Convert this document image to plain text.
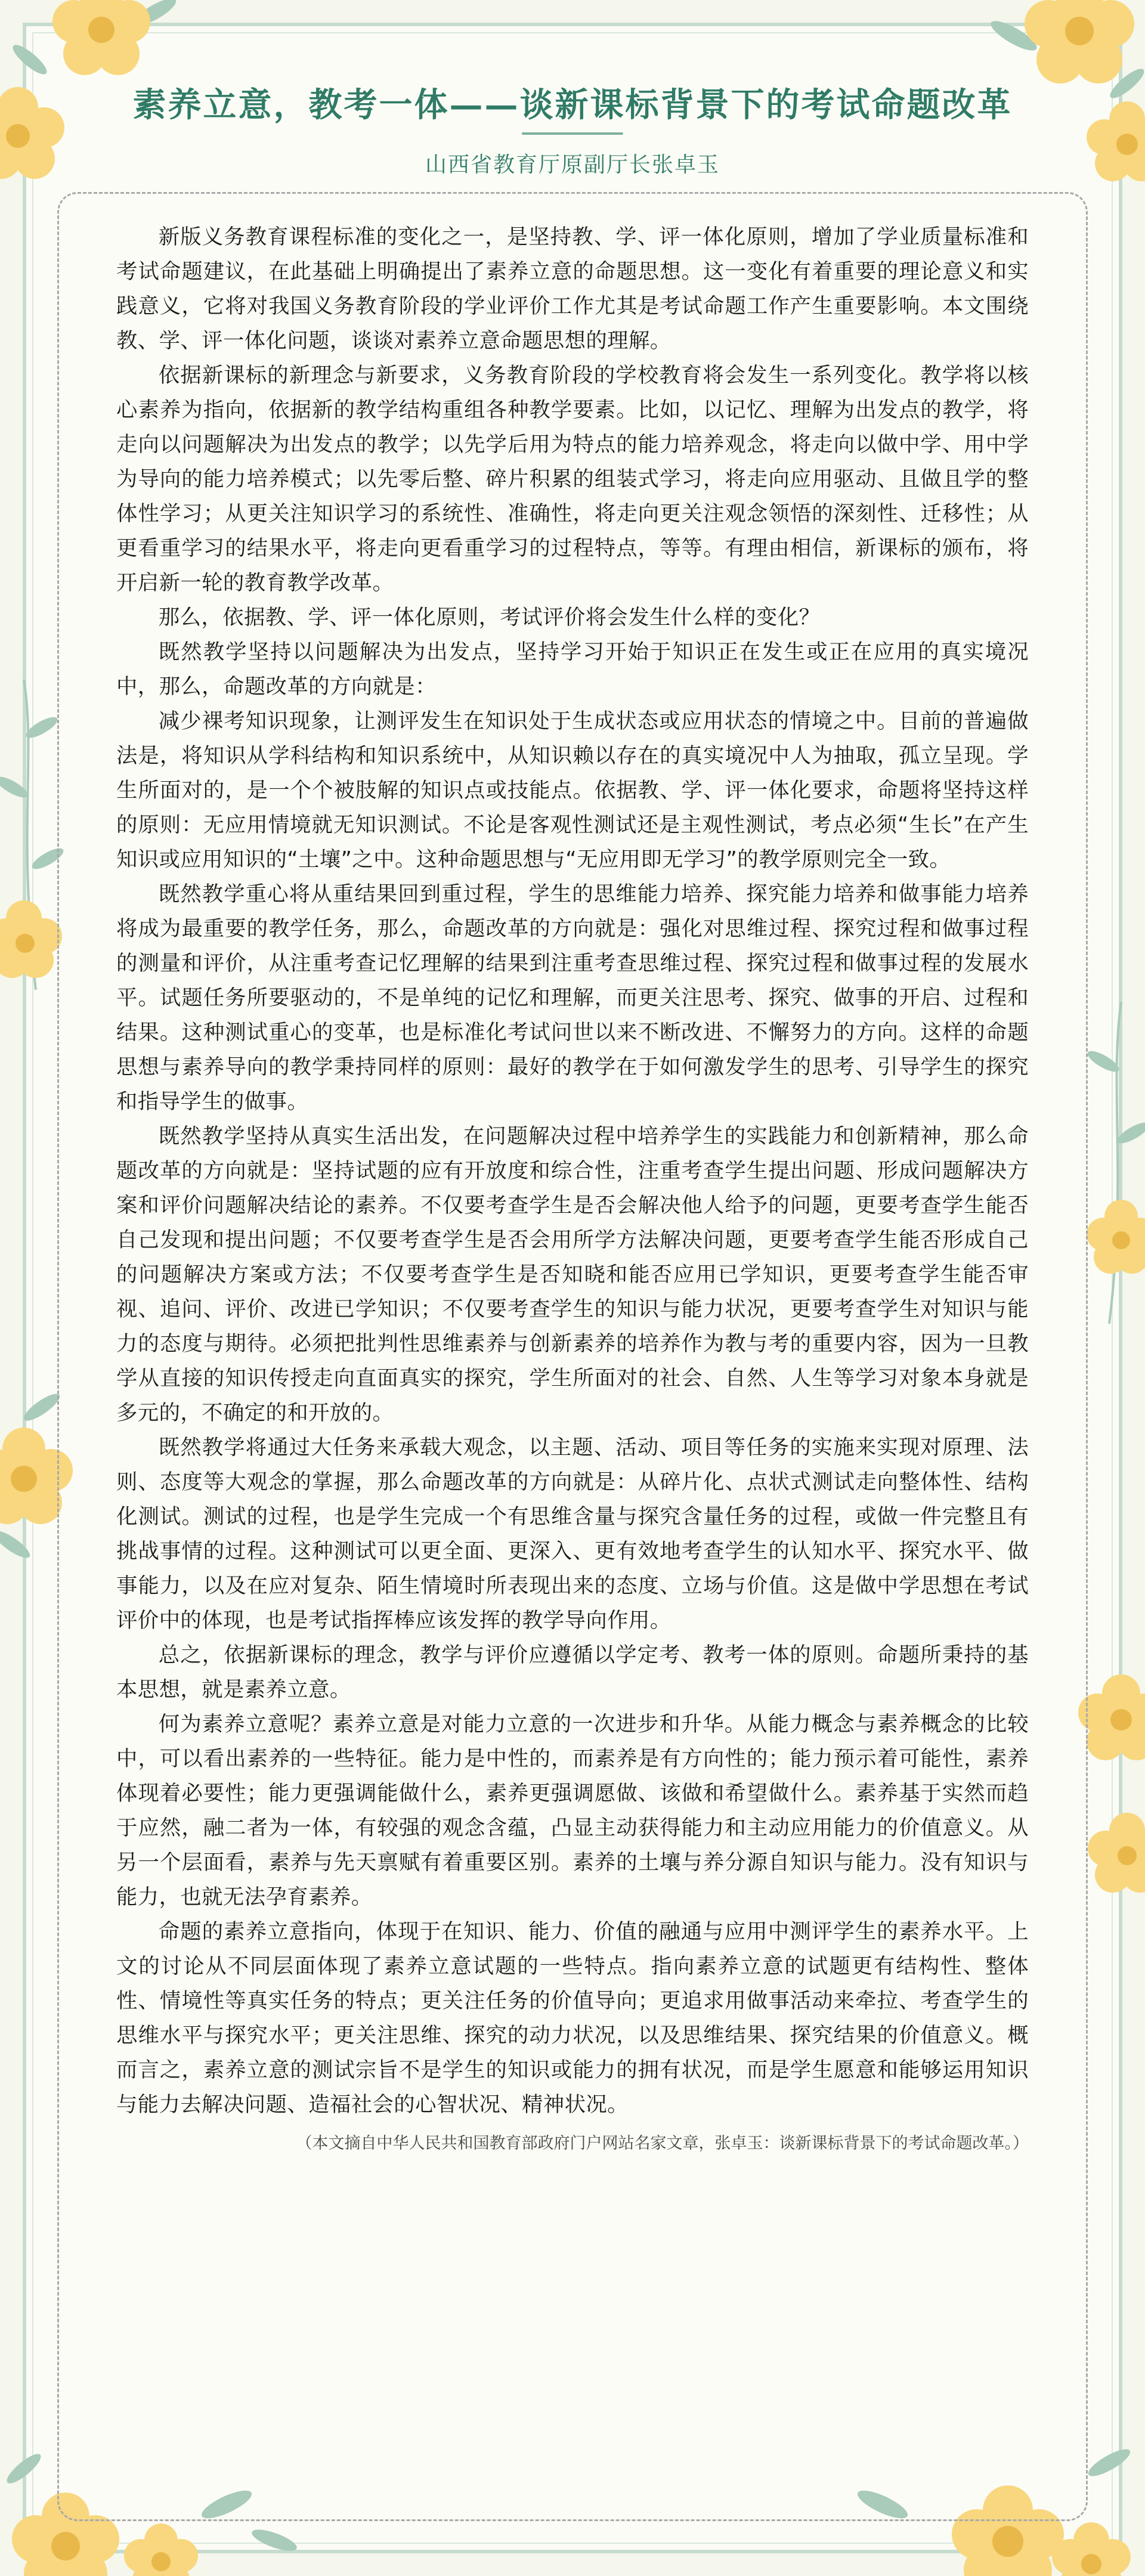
素养立意，教考一体——谈新课标背景下的考试命题改革

山西省教育厅原副厅长张卓玉

新版义务教育课程标准的变化之一，是坚持教、学、评一体化原则，增加了学业质量标准和考试命题建议，在此基础上明确提出了素养立意的命题思想。这一变化有着重要的理论意义和实践意义，它将对我国义务教育阶段的学业评价工作尤其是考试命题工作产生重要影响。本文围绕教、学、评一体化问题，谈谈对素养立意命题思想的理解。

依据新课标的新理念与新要求，义务教育阶段的学校教育将会发生一系列变化。教学将以核心素养为指向，依据新的教学结构重组各种教学要素。比如，以记忆、理解为出发点的教学，将走向以问题解决为出发点的教学；以先学后用为特点的能力培养观念，将走向以做中学、用中学为导向的能力培养模式；以先零后整、碎片积累的组装式学习，将走向应用驱动、且做且学的整体性学习；从更关注知识学习的系统性、准确性，将走向更关注观念领悟的深刻性、迁移性；从更看重学习的结果水平，将走向更看重学习的过程特点，等等。有理由相信，新课标的颁布，将开启新一轮的教育教学改革。

那么，依据教、学、评一体化原则，考试评价将会发生什么样的变化？

既然教学坚持以问题解决为出发点，坚持学习开始于知识正在发生或正在应用的真实境况中，那么，命题改革的方向就是：

减少裸考知识现象，让测评发生在知识处于生成状态或应用状态的情境之中。目前的普遍做法是，将知识从学科结构和知识系统中，从知识赖以存在的真实境况中人为抽取，孤立呈现。学生所面对的，是一个个被肢解的知识点或技能点。依据教、学、评一体化要求，命题将坚持这样的原则：无应用情境就无知识测试。不论是客观性测试还是主观性测试，考点必须“生长”在产生知识或应用知识的“土壤”之中。这种命题思想与“无应用即无学习”的教学原则完全一致。

既然教学重心将从重结果回到重过程，学生的思维能力培养、探究能力培养和做事能力培养将成为最重要的教学任务，那么，命题改革的方向就是：强化对思维过程、探究过程和做事过程的测量和评价，从注重考查记忆理解的结果到注重考查思维过程、探究过程和做事过程的发展水平。试题任务所要驱动的，不是单纯的记忆和理解，而更关注思考、探究、做事的开启、过程和结果。这种测试重心的变革，也是标准化考试问世以来不断改进、不懈努力的方向。这样的命题思想与素养导向的教学秉持同样的原则：最好的教学在于如何激发学生的思考、引导学生的探究和指导学生的做事。

既然教学坚持从真实生活出发，在问题解决过程中培养学生的实践能力和创新精神，那么命题改革的方向就是：坚持试题的应有开放度和综合性，注重考查学生提出问题、形成问题解决方案和评价问题解决结论的素养。不仅要考查学生是否会解决他人给予的问题，更要考查学生能否自己发现和提出问题；不仅要考查学生是否会用所学方法解决问题，更要考查学生能否形成自己的问题解决方案或方法；不仅要考查学生是否知晓和能否应用已学知识，更要考查学生能否审视、追问、评价、改进已学知识；不仅要考查学生的知识与能力状况，更要考查学生对知识与能力的态度与期待。必须把批判性思维素养与创新素养的培养作为教与考的重要内容，因为一旦教学从直接的知识传授走向直面真实的探究，学生所面对的社会、自然、人生等学习对象本身就是多元的，不确定的和开放的。

既然教学将通过大任务来承载大观念，以主题、活动、项目等任务的实施来实现对原理、法则、态度等大观念的掌握，那么命题改革的方向就是：从碎片化、点状式测试走向整体性、结构化测试。测试的过程，也是学生完成一个有思维含量与探究含量任务的过程，或做一件完整且有挑战事情的过程。这种测试可以更全面、更深入、更有效地考查学生的认知水平、探究水平、做事能力，以及在应对复杂、陌生情境时所表现出来的态度、立场与价值。这是做中学思想在考试评价中的体现，也是考试指挥棒应该发挥的教学导向作用。

总之，依据新课标的理念，教学与评价应遵循以学定考、教考一体的原则。命题所秉持的基本思想，就是素养立意。

何为素养立意呢？素养立意是对能力立意的一次进步和升华。从能力概念与素养概念的比较中，可以看出素养的一些特征。能力是中性的，而素养是有方向性的；能力预示着可能性，素养体现着必要性；能力更强调能做什么，素养更强调愿做、该做和希望做什么。素养基于实然而趋于应然，融二者为一体，有较强的观念含蕴，凸显主动获得能力和主动应用能力的价值意义。从另一个层面看，素养与先天禀赋有着重要区别。素养的土壤与养分源自知识与能力。没有知识与能力，也就无法孕育素养。

命题的素养立意指向，体现于在知识、能力、价值的融通与应用中测评学生的素养水平。上文的讨论从不同层面体现了素养立意试题的一些特点。指向素养立意的试题更有结构性、整体性、情境性等真实任务的特点；更关注任务的价值导向；更追求用做事活动来牵拉、考查学生的思维水平与探究水平；更关注思维、探究的动力状况，以及思维结果、探究结果的价值意义。概而言之，素养立意的测试宗旨不是学生的知识或能力的拥有状况，而是学生愿意和能够运用知识与能力去解决问题、造福社会的心智状况、精神状况。

（本文摘自中华人民共和国教育部政府门户网站名家文章，张卓玉：谈新课标背景下的考试命题改革。）
